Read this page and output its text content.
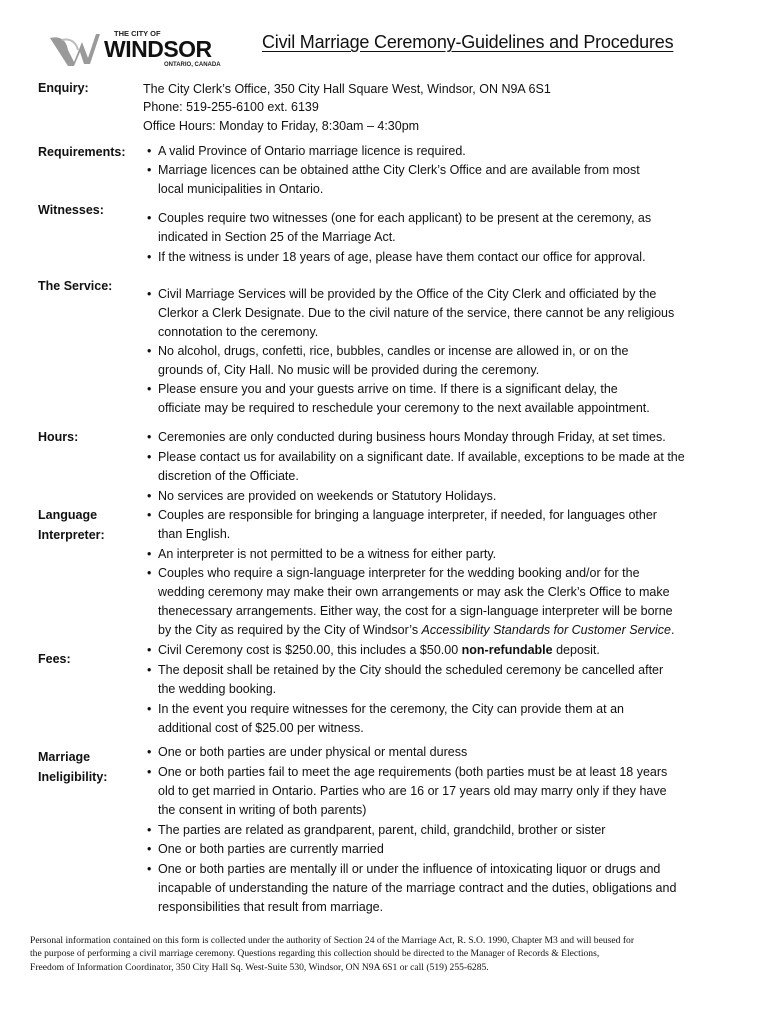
THE CITY OF
WINDSOR
ONTARIO, CANADA
Civil Marriage Ceremony-Guidelines and Procedures
Enquiry:	The City Clerk’s Office, 350 City Hall Square West, Windsor, ON N9A 6S1
Phone: 519-255-6100 ext. 6139
Office Hours: Monday to Friday, 8:30am – 4:30pm
Requirements: • A valid Province of Ontario marriage licence is required.
• Marriage licences can be obtained atthe City Clerk’s Office and are available from most
local municipalities in Ontario.
Witnesses:
• Couples require two witnesses (one for each applicant) to be present at the ceremony, as
indicated in Section 25 of the Marriage Act.
• If the witness is under 18 years of age, please have them contact our office for approval.
The Service:
• Civil Marriage Services will be provided by the Office of the City Clerk and officiated by the
Clerkor a Clerk Designate. Due to the civil nature of the service, there cannot be any religious
connotation to the ceremony.
• No alcohol, drugs, confetti, rice, bubbles, candles or incense are allowed in, or on the
grounds of, City Hall. No music will be provided during the ceremony.
• Please ensure you and your guests arrive on time. If there is a significant delay, the
officiate may be required to reschedule your ceremony to the next available appointment.
Hours:	• Ceremonies are only conducted during business hours Monday through Friday, at set times.
• Please contact us for availability on a significant date. If available, exceptions to be made at the
discretion of the Officiate.
• No services are provided on weekends or Statutory Holidays.
Language
Interpreter:
• Couples are responsible for bringing a language interpreter, if needed, for languages other
than English.
• An interpreter is not permitted to be a witness for either party.
• Couples who require a sign-language interpreter for the wedding booking and/or for the
wedding ceremony may make their own arrangements or may ask the Clerk’s Office to make
thenecessary arrangements. Either way, the cost for a sign-language interpreter will be borne
by the City as required by the City of Windsor’s Accessibility Standards for Customer Service.
Fees:
• Civil Ceremony cost is $250.00, this includes a $50.00 non-refundable deposit.
• The deposit shall be retained by the City should the scheduled ceremony be cancelled after
the wedding booking.
• In the event you require witnesses for the ceremony, the City can provide them at an
additional cost of $25.00 per witness.
Marriage
Ineligibility:
• One or both parties are under physical or mental duress
• One or both parties fail to meet the age requirements (both parties must be at least 18 years
old to get married in Ontario. Parties who are 16 or 17 years old may marry only if they have
the consent in writing of both parents)
• The parties are related as grandparent, parent, child, grandchild, brother or sister
• One or both parties are currently married
• One or both parties are mentally ill or under the influence of intoxicating liquor or drugs and
incapable of understanding the nature of the marriage contract and the duties, obligations and
responsibilities that result from marriage.
Personal information contained on this form is collected under the authority of Section 24 of the Marriage Act, R. S.O. 1990, Chapter M3 and will beused for
the purpose of performing a civil marriage ceremony. Questions regarding this collection should be directed to the Manager of Records & Elections,
Freedom of Information Coordinator, 350 City Hall Sq. West-Suite 530, Windsor, ON N9A 6S1 or call (519) 255-6285.
